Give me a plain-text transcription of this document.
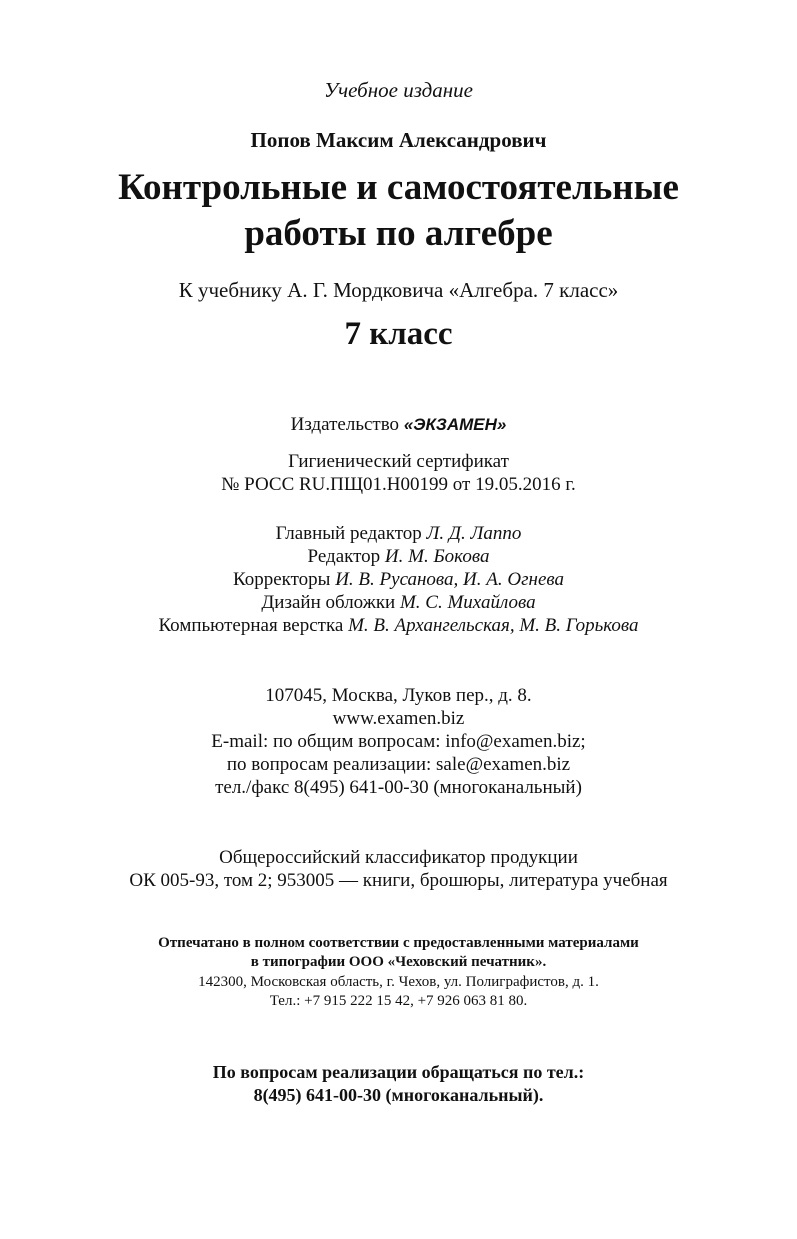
Учебное издание

Попов Максим Александрович

Контрольные и самостоятельные

работы по алгебре

К учебнику А. Г. Мордковича «Алгебра. 7 класс»

7 класс

Издательство «ЭКЗАМЕН»

Гигиенический сертификат

№ РОСС RU.ПЩ01.Н00199 от 19.05.2016 г.

Главный редактор Л. Д. Лаппо

Редактор И. М. Бокова

Корректоры И. В. Русанова, И. А. Огнева

Дизайн обложки М. С. Михайлова

Компьютерная верстка М. В. Архангельская, М. В. Горькова

107045, Москва, Луков пер., д. 8.

www.examen.biz

E-mail: по общим вопросам: info@examen.biz;

по вопросам реализации: sale@examen.biz

тел./факс 8(495) 641-00-30 (многоканальный)

Общероссийский классификатор продукции

ОК 005-93, том 2; 953005 — книги, брошюры, литература учебная

Отпечатано в полном соответствии с предоставленными материалами

в типографии ООО «Чеховский печатник».

142300, Московская область, г. Чехов, ул. Полиграфистов, д. 1.

Тел.: +7 915 222 15 42, +7 926 063 81 80.

По вопросам реализации обращаться по тел.:

8(495) 641-00-30 (многоканальный).
